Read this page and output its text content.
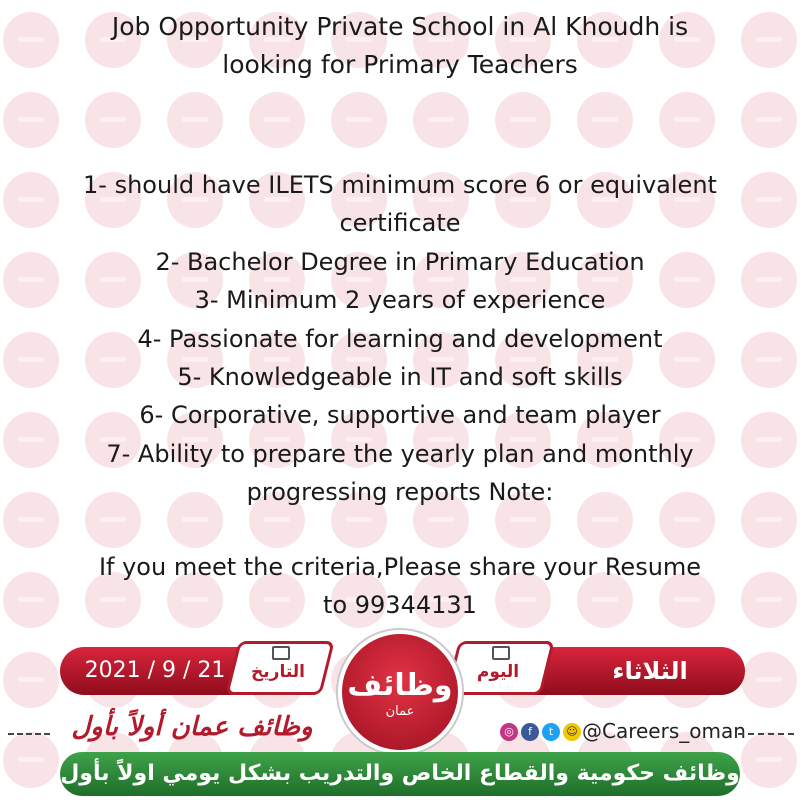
Job Opportunity Private School in Al Khoudh is
looking for Primary Teachers

1- should have ILETS minimum score 6 or equivalent

certificate

2- Bachelor Degree in Primary Education

3- Minimum 2 years of experience

4- Passionate for learning and development

5- Knowledgeable in IT and soft skills

6- Corporative, supportive and team player

7- Ability to prepare the yearly plan and monthly

progressing reports Note:

If you meet the criteria,Please share your Resume
to 99344131
2021 / 9 / 21	التاريخ	الثلاثاء
اليوم
وظائف
عمان
وظائف عمان أولاً بأول	◎	f	t	☺ @Careers_oman
وظائف حكومية والقطاع الخاص والتدريب بشكل يومي اولاً بأول
